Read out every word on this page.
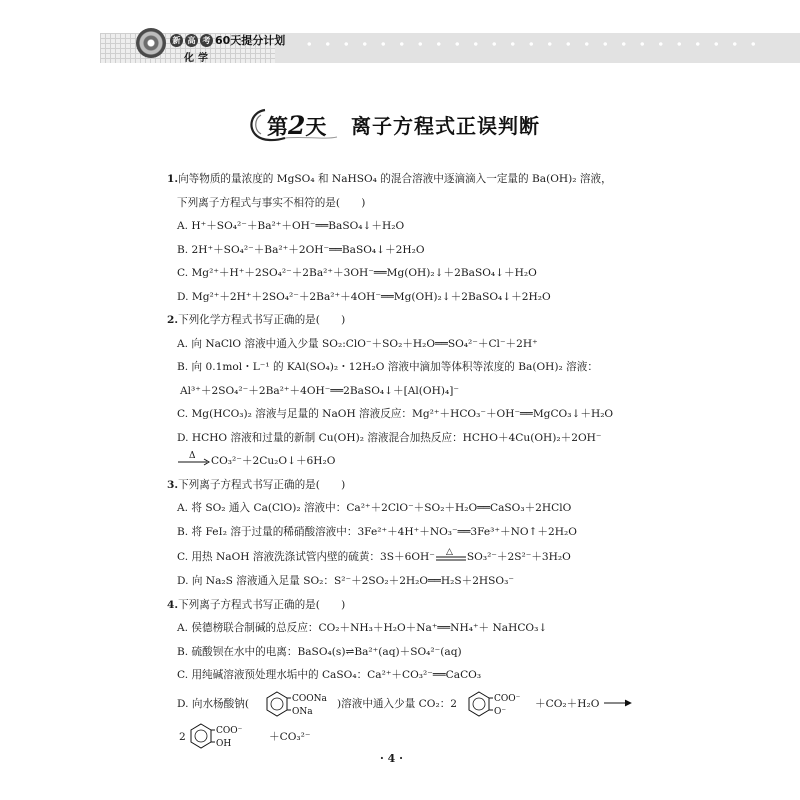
新 高 考 60天提分计划
化学
第2天 离子方程式正误判断
1.向等物质的量浓度的 MgSO₄ 和 NaHSO₄ 的混合溶液中逐滴滴入一定量的 Ba(OH)₂ 溶液，
下列离子方程式与事实不相符的是(　　)
A. H⁺＋SO₄²⁻＋Ba²⁺＋OH⁻══BaSO₄↓＋H₂O
B. 2H⁺＋SO₄²⁻＋Ba²⁺＋2OH⁻══BaSO₄↓＋2H₂O
C. Mg²⁺＋H⁺＋2SO₄²⁻＋2Ba²⁺＋3OH⁻══Mg(OH)₂↓＋2BaSO₄↓＋H₂O
D. Mg²⁺＋2H⁺＋2SO₄²⁻＋2Ba²⁺＋4OH⁻══Mg(OH)₂↓＋2BaSO₄↓＋2H₂O
2.下列化学方程式书写正确的是(　　)
A. 向 NaClO 溶液中通入少量 SO₂:ClO⁻＋SO₂＋H₂O══SO₄²⁻＋Cl⁻＋2H⁺
B. 向 0.1mol・L⁻¹ 的 KAl(SO₄)₂・12H₂O 溶液中滴加等体积等浓度的 Ba(OH)₂ 溶液：
Al³⁺＋2SO₄²⁻＋2Ba²⁺＋4OH⁻══2BaSO₄↓＋[Al(OH)₄]⁻
C. Mg(HCO₃)₂ 溶液与足量的 NaOH 溶液反应：Mg²⁺＋HCO₃⁻＋OH⁻══MgCO₃↓＋H₂O
D. HCHO 溶液和过量的新制 Cu(OH)₂ 溶液混合加热反应：HCHO＋4Cu(OH)₂＋2OH⁻
Δ CO₃²⁻＋2Cu₂O↓＋6H₂O
3.下列离子方程式书写正确的是(　　)
A. 将 SO₂ 通入 Ca(ClO)₂ 溶液中：Ca²⁺＋2ClO⁻＋SO₂＋H₂O══CaSO₃＋2HClO
B. 将 FeI₂ 溶于过量的稀硝酸溶液中：3Fe²⁺＋4H⁺＋NO₃⁻══3Fe³⁺＋NO↑＋2H₂O
C. 用热 NaOH 溶液洗涤试管内壁的硫黄：3S＋6OH⁻ △ SO₃²⁻＋2S²⁻＋3H₂O
D. 向 Na₂S 溶液通入足量 SO₂：S²⁻＋2SO₂＋2H₂O══H₂S＋2HSO₃⁻
4.下列离子方程式书写正确的是(　　)
A. 侯德榜联合制碱的总反应：CO₂＋NH₃＋H₂O＋Na⁺══NH₄⁺＋ NaHCO₃↓
B. 硫酸钡在水中的电离：BaSO₄(s)⇌Ba²⁺(aq)＋SO₄²⁻(aq)
C. 用纯碱溶液预处理水垢中的 CaSO₄：Ca²⁺＋CO₃²⁻══CaCO₃
D. 向水杨酸钠(	COONa
ONa
)溶液中通入少量 CO₂：2	COO⁻
O⁻
＋CO₂＋H₂O →
2	COO⁻
OH
＋CO₃²⁻
· 4 ·
